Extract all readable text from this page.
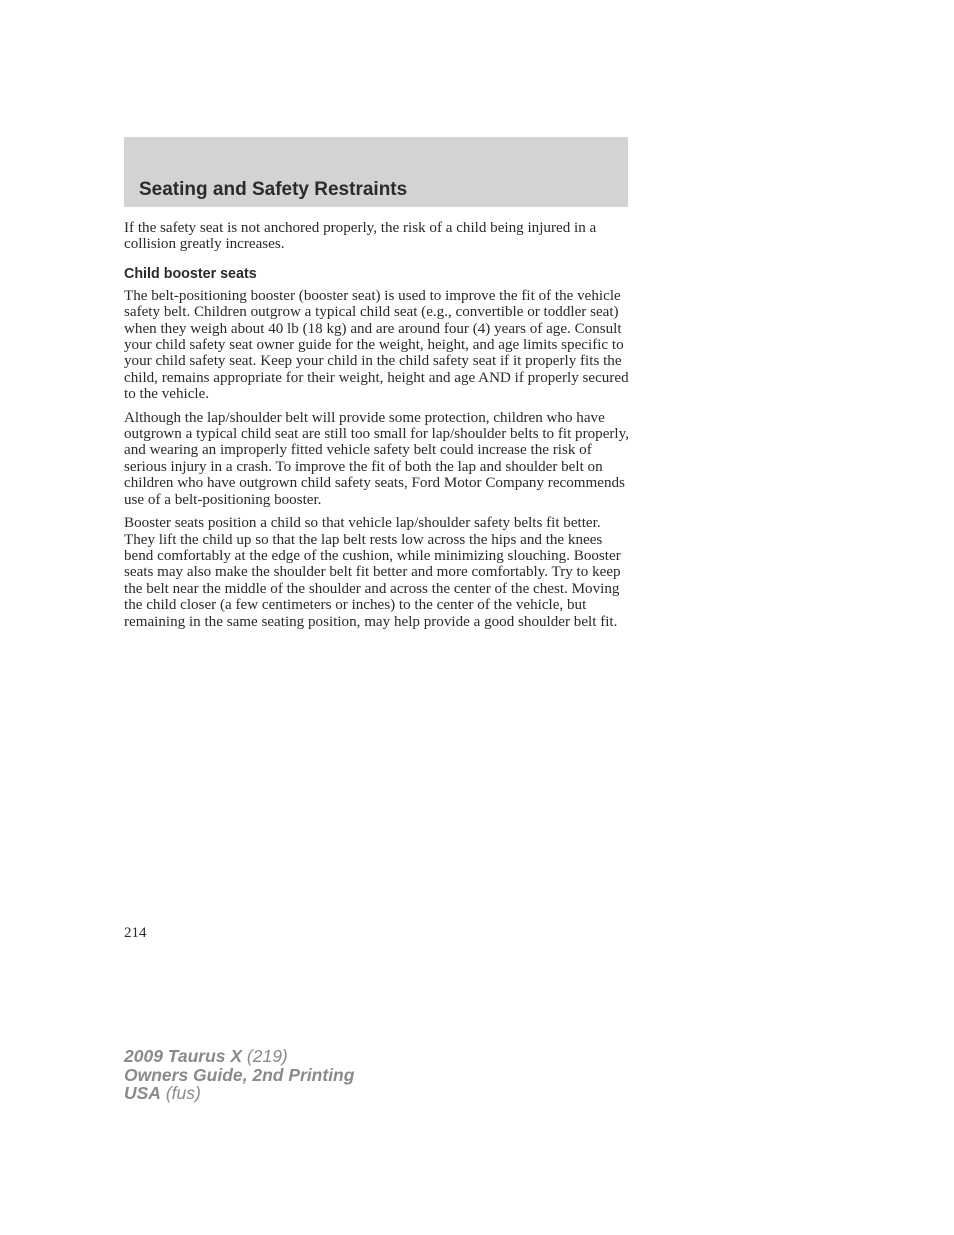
Seating and Safety Restraints

If the safety seat is not anchored properly, the risk of a child being injured in a collision greatly increases.

Child booster seats

The belt-positioning booster (booster seat) is used to improve the fit of the vehicle safety belt. Children outgrow a typical child seat (e.g., convertible or toddler seat) when they weigh about 40 lb (18 kg) and are around four (4) years of age. Consult your child safety seat owner guide for the weight, height, and age limits specific to your child safety seat. Keep your child in the child safety seat if it properly fits the child, remains appropriate for their weight, height and age AND if properly secured to the vehicle.

Although the lap/shoulder belt will provide some protection, children who have outgrown a typical child seat are still too small for lap/shoulder belts to fit properly, and wearing an improperly fitted vehicle safety belt could increase the risk of serious injury in a crash. To improve the fit of both the lap and shoulder belt on children who have outgrown child safety seats, Ford Motor Company recommends use of a belt-positioning booster.

Booster seats position a child so that vehicle lap/shoulder safety belts fit better. They lift the child up so that the lap belt rests low across the hips and the knees bend comfortably at the edge of the cushion, while minimizing slouching. Booster seats may also make the shoulder belt fit better and more comfortably. Try to keep the belt near the middle of the shoulder and across the center of the chest. Moving the child closer (a few centimeters or inches) to the center of the vehicle, but remaining in the same seating position, may help provide a good shoulder belt fit.

214
2009 Taurus X (219)
Owners Guide, 2nd Printing
USA (fus)
